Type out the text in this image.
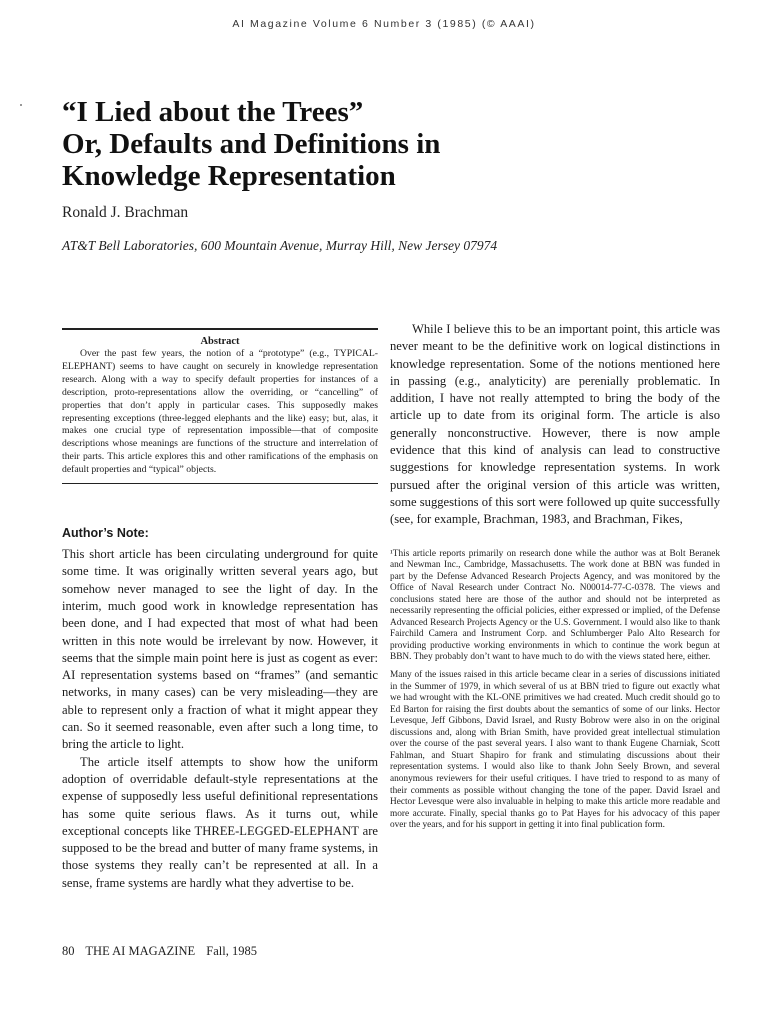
AI Magazine Volume 6 Number 3 (1985) (© AAAI)
“I Lied about the Trees”
Or, Defaults and Definitions in
Knowledge Representation
Ronald J. Brachman
AT&T Bell Laboratories, 600 Mountain Avenue, Murray Hill, New Jersey 07974
Abstract

Over the past few years, the notion of a “prototype” (e.g., TYPICAL-ELEPHANT) seems to have caught on securely in knowledge representation research. Along with a way to specify default properties for instances of a description, proto-representations allow the overriding, or “cancelling” of properties that don’t apply in particular cases. This supposedly makes representing exceptions (three-legged elephants and the like) easy; but, alas, it makes one crucial type of representation impossible—that of composite descriptions whose meanings are functions of the structure and interrelation of their parts. This article explores this and other ramifications of the emphasis on default properties and “typical” objects.

Author’s Note:

This short article has been circulating underground for quite some time. It was originally written several years ago, but somehow never managed to see the light of day. In the interim, much good work in knowledge representation has been done, and I had expected that most of what had been written in this note would be irrelevant by now. However, it seems that the simple main point here is just as cogent as ever: AI representation systems based on “frames” (and semantic networks, in many cases) can be very misleading—they are able to represent only a fraction of what it might appear they can. So it seemed reasonable, even after such a long time, to bring the article to light.

The article itself attempts to show how the uniform adoption of overridable default-style representations at the expense of supposedly less useful definitional representations has some quite serious flaws. As it turns out, while exceptional concepts like THREE-LEGGED-ELEPHANT are supposed to be the bread and butter of many frame systems, in those systems they really can’t be represented at all. In a sense, frame systems are hardly what they advertise to be.

While I believe this to be an important point, this article was never meant to be the definitive work on logical distinctions in knowledge representation. Some of the notions mentioned here in passing (e.g., analyticity) are perenially problematic. In addition, I have not really attempted to bring the body of the article up to date from its original form. The article is also generally nonconstructive. However, there is now ample evidence that this kind of analysis can lead to constructive suggestions for knowledge representation systems. In work pursued after the original version of this article was written, some suggestions of this sort were followed up quite successfully (see, for example, Brachman, 1983, and Brachman, Fikes,

¹This article reports primarily on research done while the author was at Bolt Beranek and Newman Inc., Cambridge, Massachusetts. The work done at BBN was funded in part by the Defense Advanced Research Projects Agency, and was monitored by the Office of Naval Research under Contract No. N00014-77-C-0378. The views and conclusions stated here are those of the author and should not be interpreted as necessarily representing the official policies, either expressed or implied, of the Defense Advanced Research Projects Agency or the U.S. Government. I would also like to thank Fairchild Camera and Instrument Corp. and Schlumberger Palo Alto Research for providing productive working environments in which to continue the work begun at BBN. They probably don’t want to have much to do with the views stated here, either.

Many of the issues raised in this article became clear in a series of discussions initiated in the Summer of 1979, in which several of us at BBN tried to figure out exactly what we had wrought with the KL-ONE primitives we had created. Much credit should go to Ed Barton for raising the first doubts about the semantics of some of our links. Hector Levesque, Jeff Gibbons, David Israel, and Rusty Bobrow were also in on the original discussions and, along with Brian Smith, have provided great intellectual stimulation over the course of the past several years. I also want to thank Eugene Charniak, Scott Fahlman, and Stuart Shapiro for frank and stimulating discussions about their representation systems. I would also like to thank John Seely Brown, and several anonymous reviewers for their useful critiques. I have tried to respond to as many of their comments as possible without changing the tone of the paper. David Israel and Hector Levesque were also invaluable in helping to make this article more readable and more accurate. Finally, special thanks go to Pat Hayes for his advocacy of this paper over the years, and for his support in getting it into final publication form.

80 THE AI MAGAZINE Fall, 1985
